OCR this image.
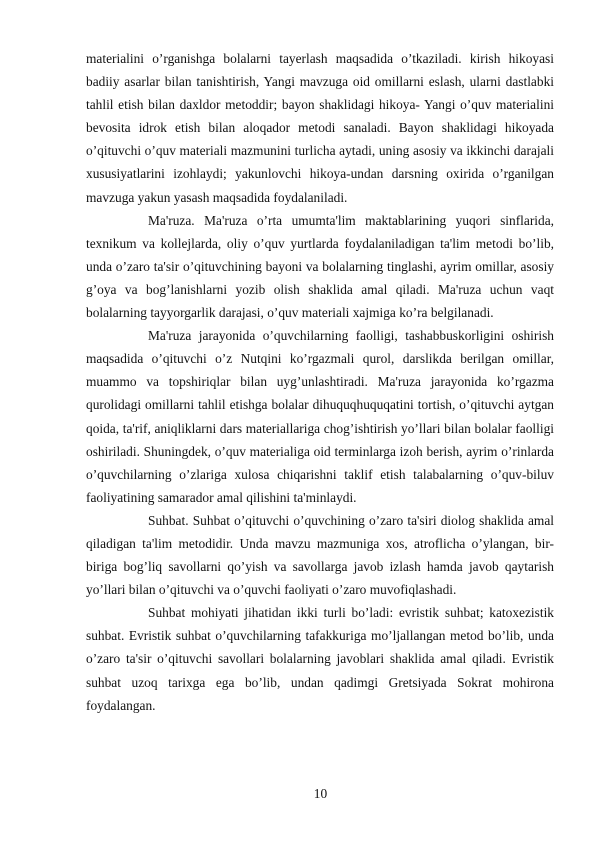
materialini o’rganishga bolalarni tayerlash maqsadida o’tkaziladi. kirish hikoyasi badiiy asarlar bilan tanishtirish, Yangi mavzuga oid omillarni eslash, ularni dastlabki tahlil etish bilan daxldor metoddir; bayon shaklidagi hikoya- Yangi o’quv materialini bevosita idrok etish bilan aloqador metodi sanaladi. Bayon shaklidagi hikoyada o’qituvchi o’quv materiali mazmunini turlicha aytadi, uning asosiy va ikkinchi darajali xususiyatlarini izohlaydi; yakunlovchi hikoya-undan darsning oxirida o’rganilgan mavzuga yakun yasash maqsadida foydalaniladi.

Ma'ruza. Ma'ruza o’rta umumta'lim maktablarining yuqori sinflarida, texnikum va kollejlarda, oliy o’quv yurtlarda foydalaniladigan ta'lim metodi bo’lib, unda o’zaro ta'sir o’qituvchining bayoni va bolalarning tinglashi, ayrim omillar, asosiy g’oya va bog’lanishlarni yozib olish shaklida amal qiladi. Ma'ruza uchun vaqt bolalarning tayyorgarlik darajasi, o’quv materiali xajmiga ko’ra belgilanadi.

Ma'ruza jarayonida o’quvchilarning faolligi, tashabbuskorligini oshirish maqsadida o’qituvchi o’z Nutqini ko’rgazmali qurol, darslikda berilgan omillar, muammo va topshiriqlar bilan uyg’unlashtiradi. Ma'ruza jarayonida ko’rgazma qurolidagi omillarni tahlil etishga bolalar dihuquqhuquqatini tortish, o’qituvchi aytgan qoida, ta'rif, aniqliklarni dars materiallariga chog’ishtirish yo’llari bilan bolalar faolligi oshiriladi. Shuningdek, o’quv materialiga oid terminlarga izoh berish, ayrim o’rinlarda o’quvchilarning o’zlariga xulosa chiqarishni taklif etish talabalarning o’quv-biluv faoliyatining samarador amal qilishini ta'minlaydi.

Suhbat. Suhbat o’qituvchi o’quvchining o’zaro ta'siri diolog shaklida amal qiladigan ta'lim metodidir. Unda mavzu mazmuniga xos, atroflicha o’ylangan, bir-biriga bog’liq savollarni qo’yish va savollarga javob izlash hamda javob qaytarish yo’llari bilan o’qituvchi va o’quvchi faoliyati o’zaro muvofiqlashadi.

Suhbat mohiyati jihatidan ikki turli bo’ladi: evristik suhbat; katoxezistik suhbat. Evristik suhbat o’quvchilarning tafakkuriga mo’ljallangan metod bo’lib, unda o’zaro ta'sir o’qituvchi savollari bolalarning javoblari shaklida amal qiladi. Evristik suhbat uzoq tarixga ega bo’lib, undan qadimgi Gretsiyada Sokrat mohirona foydalangan.

10
